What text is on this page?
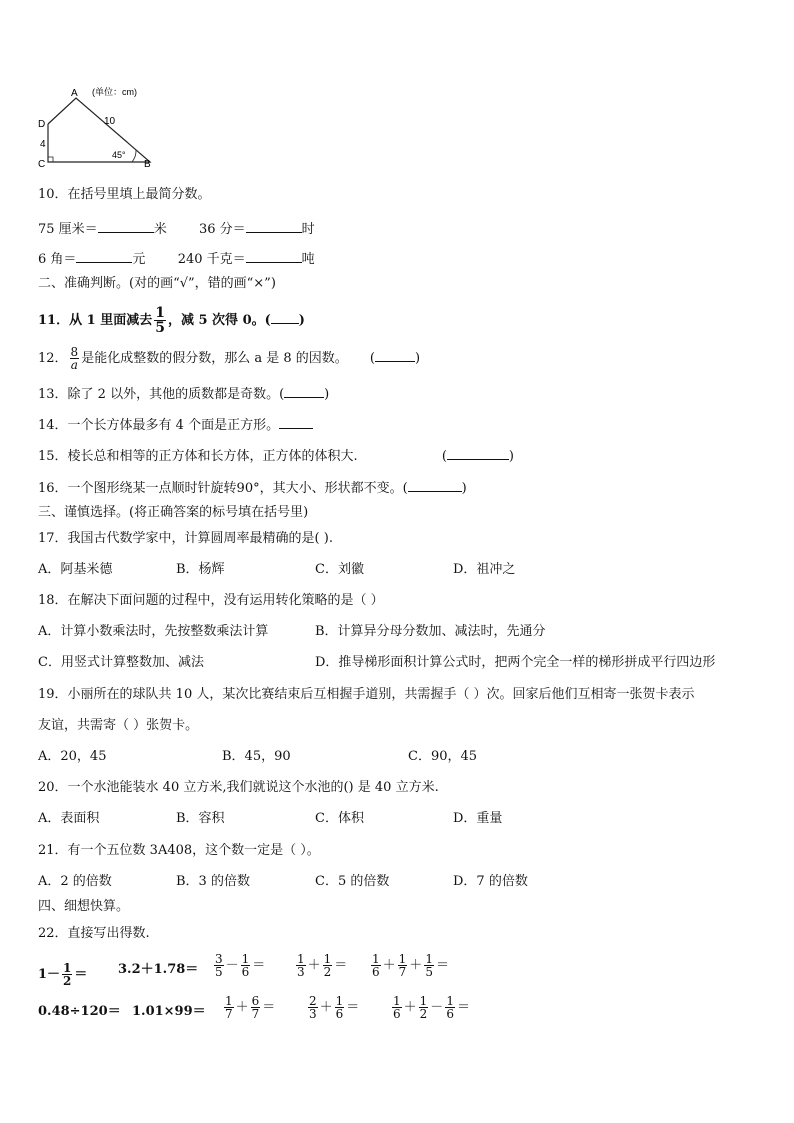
A (单位：cm)
10
D
4
C
45°
B
10．在括号里填上最简分数。
75 厘米＝	米 36 分＝	时
6 角＝	元 240 千克＝	吨
二、准确判断。(对的画“√”，错的画“×”)
11．从 1 里面减去 $\frac{1}{5}$ ，减 5 次得 0。( )
12． $\frac{8}{a}$ 是能化成整数的假分数，那么 a 是 8 的因数。 (	)
13．除了 2 以外，其他的质数都是奇数。(	)
14．一个长方体最多有 4 个面是正方形。
15．棱长总和相等的正方体和长方体，正方体的体积大.	(	)
16．一个图形绕某一点顺时针旋转90°，其大小、形状都不变。(	)
三、谨慎选择。(将正确答案的标号填在括号里)
17．我国古代数学家中，计算圆周率最精确的是( ).
A．阿基米德	B．杨辉	C．刘徽	D．祖冲之
18．在解决下面问题的过程中，没有运用转化策略的是（ ）
A．计算小数乘法时，先按整数乘法计算	B．计算异分母分数加、减法时，先通分
C．用竖式计算整数加、减法	D．推导梯形面积计算公式时，把两个完全一样的梯形拼成平行四边形
19．小丽所在的球队共 10 人，某次比赛结束后互相握手道别，共需握手（ ）次。回家后他们互相寄一张贺卡表示
友谊，共需寄（ ）张贺卡。
A．20，45	B．45，90	C．90，45
20．一个水池能装水 40 立方米,我们就说这个水池的() 是 40 立方米.
A．表面积	B．容积	C．体积	D．重量
21．有一个五位数 3A408，这个数一定是（ ）。
A．2 的倍数	B．3 的倍数	C．5 的倍数	D．7 的倍数
四、细想快算。
22．直接写出得数.
$1- \frac{1}{2} = 3.2+1.78= \frac{3}{5} - \frac{1}{6}$ ＝	$\frac{1}{3} + \frac{1}{2} = \frac{1}{6} + \frac{1}{7} + \frac{1}{5}$ ＝
$0.48\div 120= 1.01\times 99= \frac{1}{7} + \frac{6}{7}$ ＝	$\frac{2}{3} + \frac{1}{6}$ ＝	$\frac{1}{6} + \frac{1}{2} - \frac{1}{6}$ ＝
